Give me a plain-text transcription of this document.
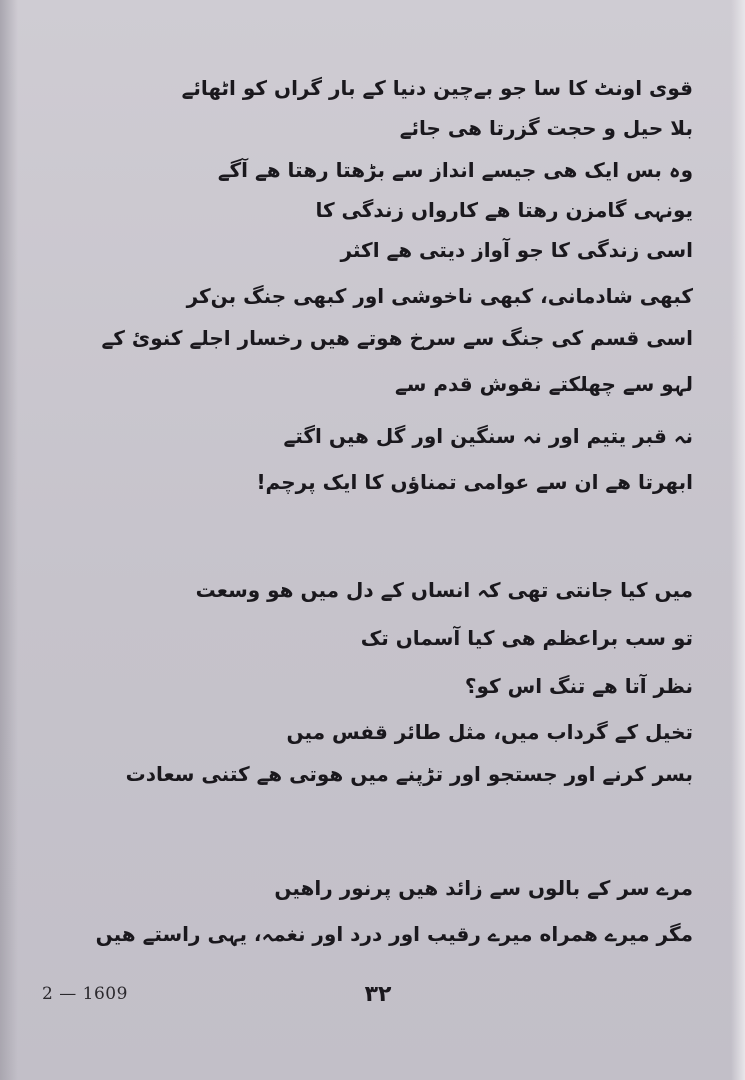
قوی اونٹ کا سا جو بے‌چین دنیا کے بار گراں کو اٹھائے
بلا حیل و حجت گزرتا هی جائے
وہ بس ایک هی جیسے انداز سے بڑھتا رهتا هے آگے
یونہی گامزن رهتا هے کارواں زندگی کا
اسی زندگی کا جو آواز دیتی هے اکثر
کبھی شادمانی، کبھی ناخوشی اور کبھی جنگ بن‌کر
اسی قسم کی جنگ سے سرخ هوتے هیں رخسار اجلے کنوئ کے
لہو سے چھلکتے نقوش قدم سے
نہ قبر یتیم اور نہ سنگین اور گل هیں اگتے
ابھرتا هے ان سے عوامی تمناؤں کا ایک پرچم!
میں کیا جانتی تھی کہ انساں کے دل میں هو وسعت
تو سب براعظم هی کیا آسماں تک
نظر آتا هے تنگ اس کو؟
تخیل کے گرداب میں، مثل طائر قفس میں
بسر کرنے اور جستجو اور تڑپنے میں هوتی هے کتنی سعادت
مرے سر کے بالوں سے زائد هیں پرنور راهیں
مگر میرے همراه میرے رقیب اور درد اور نغمہ، یہی راستے هیں
2 — 1609	۳۲
